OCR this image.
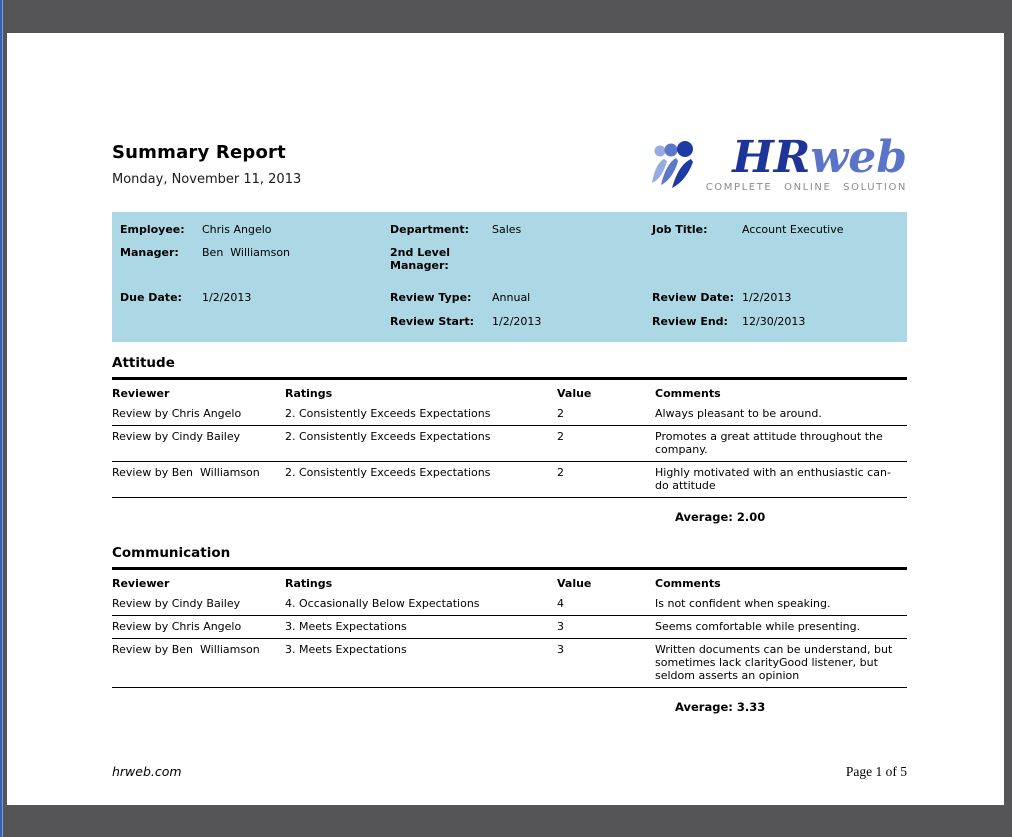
Summary Report
Monday, November 11, 2013	HRweb
COMPLETE ONLINE SOLUTION
Employee:	Chris Angelo	Department:	Sales	Job Title:	Account Executive
Manager:	Ben  Williamson	2nd Level Manager:
Due Date:	1/2/2013	Review Type:	Annual	Review Date: 1/2/2013
Review Start:	1/2/2013	Review End:	12/30/2013
Attitude
Reviewer	Ratings	Value	Comments
Review by Chris Angelo	2. Consistently Exceeds Expectations	2	Always pleasant to be around.
Review by Cindy Bailey	2. Consistently Exceeds Expectations	2	Promotes a great attitude throughout the company.
Review by Ben  Williamson	2. Consistently Exceeds Expectations	2	Highly motivated with an enthusiastic can-do attitude
Average: 2.00
Communication
Reviewer	Ratings	Value	Comments
Review by Cindy Bailey	4. Occasionally Below Expectations	4	Is not confident when speaking.
Review by Chris Angelo	3. Meets Expectations	3	Seems comfortable while presenting.
Review by Ben  Williamson	3. Meets Expectations	3	Written documents can be understand, but sometimes lack clarityGood listener, but seldom asserts an opinion
Average: 3.33
hrweb.com	Page 1 of 5
